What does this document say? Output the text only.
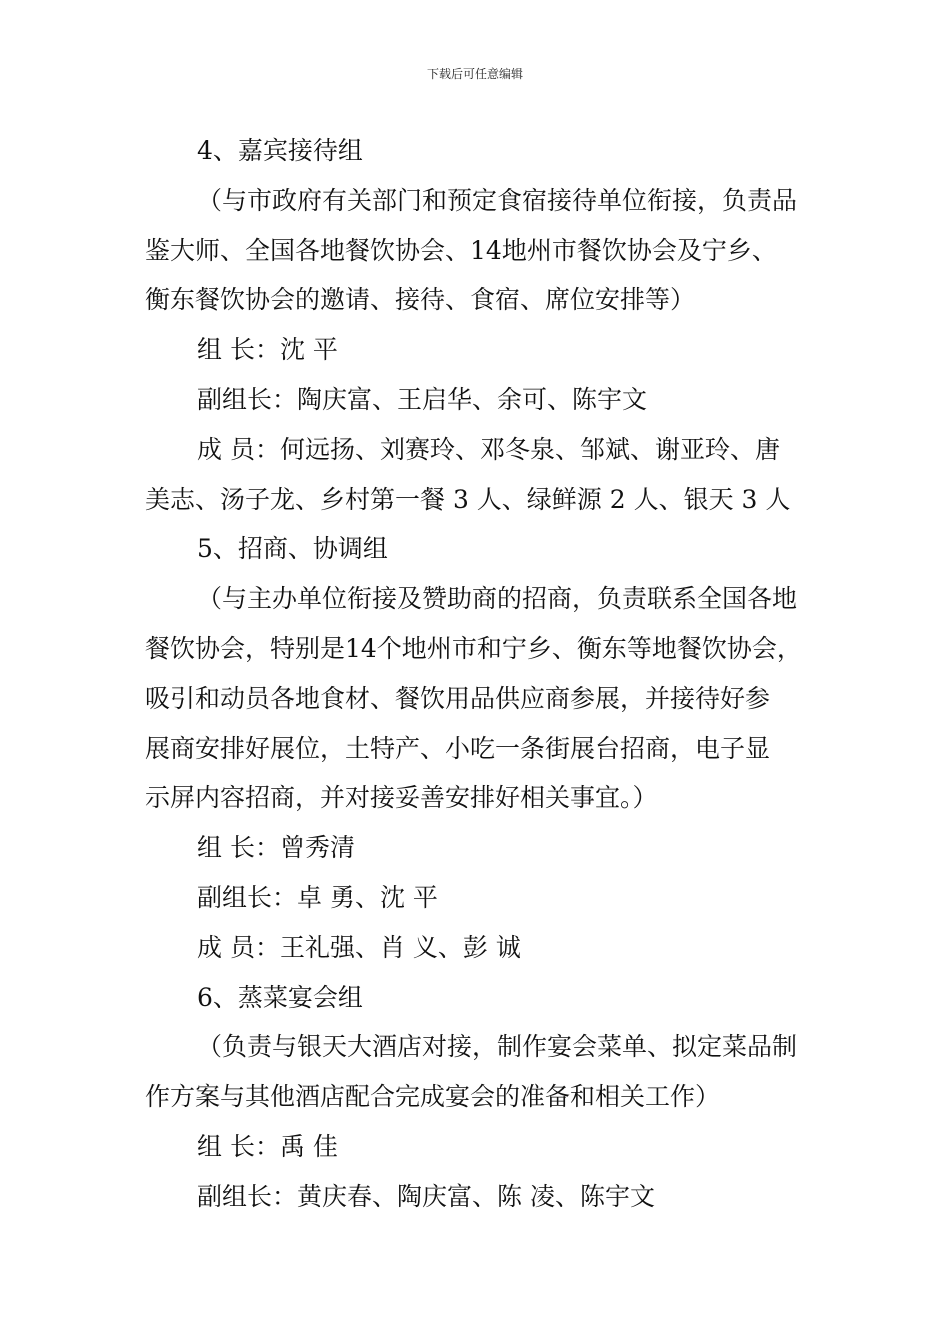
下载后可任意编辑

4、嘉宾接待组

（与市政府有关部门和预定食宿接待单位衔接，负责品

鉴大师、全国各地餐饮协会、14地州市餐饮协会及宁乡、

衡东餐饮协会的邀请、接待、食宿、席位安排等）

组 长：沈 平

副组长：陶庆富、王启华、余可、陈宇文

成 员：何远扬、刘赛玲、邓冬泉、邹斌、谢亚玲、唐

美志、汤子龙、乡村第一餐 3 人、绿鲜源 2 人、银天 3 人

5、招商、协调组

（与主办单位衔接及赞助商的招商，负责联系全国各地

餐饮协会，特别是14个地州市和宁乡、衡东等地餐饮协会，

吸引和动员各地食材、餐饮用品供应商参展，并接待好参

展商安排好展位，土特产、小吃一条街展台招商，电子显

示屏内容招商，并对接妥善安排好相关事宜。）

组 长：曾秀清

副组长：卓 勇、沈 平

成 员：王礼强、肖 义、彭 诚

6、蒸菜宴会组

（负责与银天大酒店对接，制作宴会菜单、拟定菜品制

作方案与其他酒店配合完成宴会的准备和相关工作）

组 长：禹 佳

副组长：黄庆春、陶庆富、陈 凌、陈宇文
